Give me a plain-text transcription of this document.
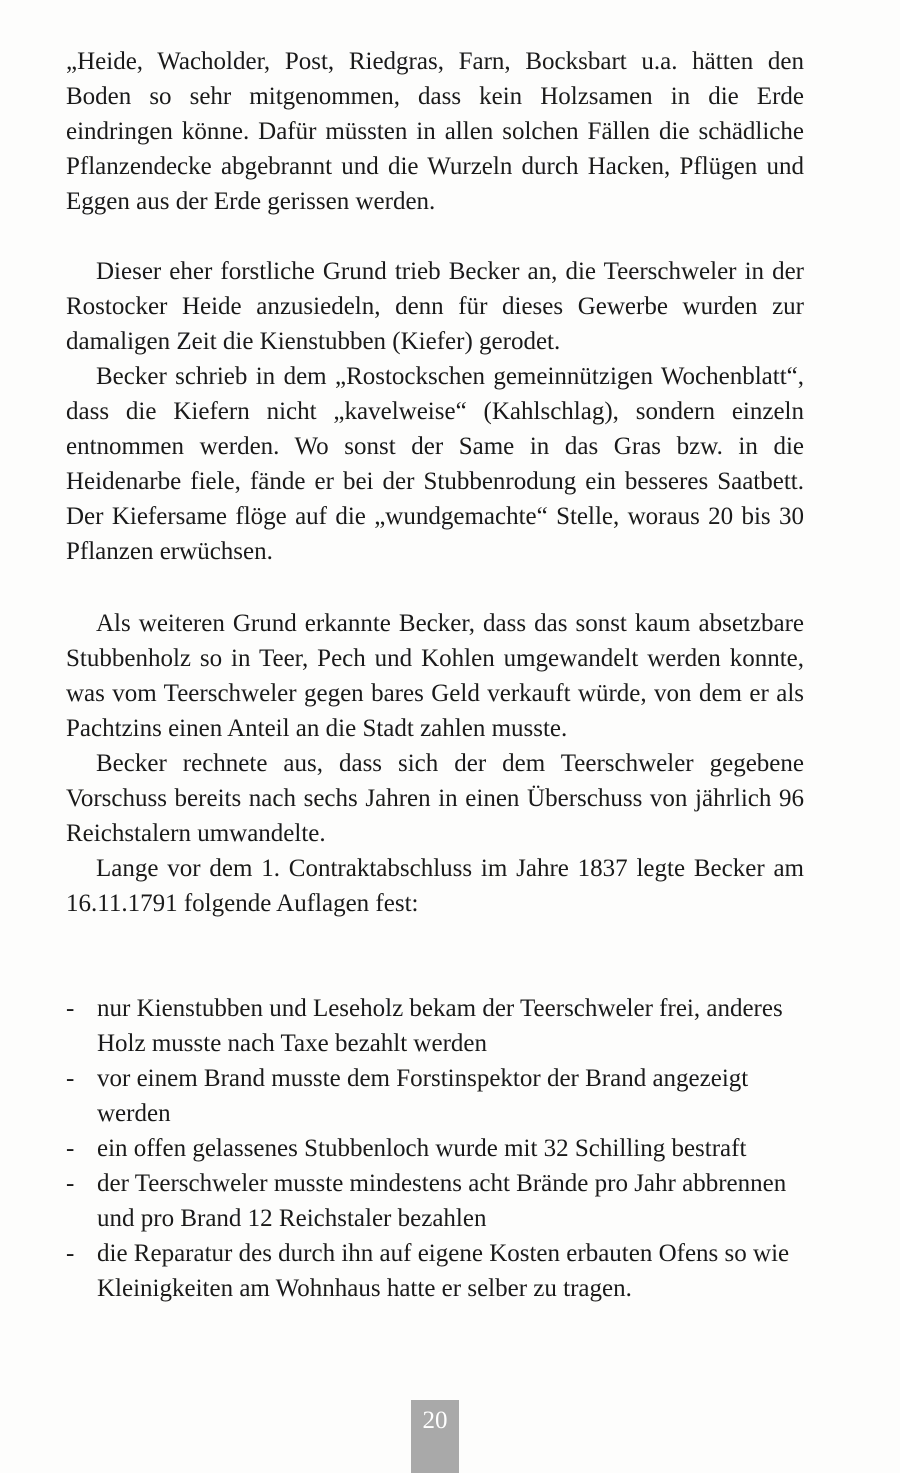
„Heide, Wacholder, Post, Riedgras, Farn, Bocksbart u.a. hätten den Boden so sehr mitgenommen, dass kein Holzsamen in die Erde eindringen könne. Dafür müssten in allen solchen Fällen die schädliche Pflanzendecke abgebrannt und die Wurzeln durch Hacken, Pflügen und Eggen aus der Erde gerissen werden.

Dieser eher forstliche Grund trieb Becker an, die Teerschweler in der Rostocker Heide anzusiedeln, denn für dieses Gewerbe wurden zur damaligen Zeit die Kienstubben (Kiefer) gerodet.

Becker schrieb in dem „Rostockschen gemeinnützigen Wochenblatt“, dass die Kiefern nicht „kavelweise“ (Kahlschlag), sondern einzeln entnommen werden. Wo sonst der Same in das Gras bzw. in die Heidenarbe fiele, fände er bei der Stubbenrodung ein besseres Saatbett. Der Kiefersame flöge auf die „wundgemachte“ Stelle, woraus 20 bis 30 Pflanzen erwüchsen.

Als weiteren Grund erkannte Becker, dass das sonst kaum absetzbare Stubbenholz so in Teer, Pech und Kohlen umgewandelt werden konnte, was vom Teerschweler gegen bares Geld verkauft würde, von dem er als Pachtzins einen Anteil an die Stadt zahlen musste.

Becker rechnete aus, dass sich der dem Teerschweler gegebene Vorschuss bereits nach sechs Jahren in einen Überschuss von jährlich 96 Reichstalern umwandelte.

Lange vor dem 1. Contraktabschluss im Jahre 1837 legte Becker am 16.11.1791 folgende Auflagen fest:

- nur Kienstubben und Leseholz bekam der Teerschweler frei, anderes Holz musste nach Taxe bezahlt werden
- vor einem Brand musste dem Forstinspektor der Brand angezeigt werden
- ein offen gelassenes Stubbenloch wurde mit 32 Schilling bestraft
- der Teerschweler musste mindestens acht Brände pro Jahr abbrennen und pro Brand 12 Reichstaler bezahlen
- die Reparatur des durch ihn auf eigene Kosten erbauten Ofens so wie Kleinigkeiten am Wohnhaus hatte er selber zu tragen.
20
